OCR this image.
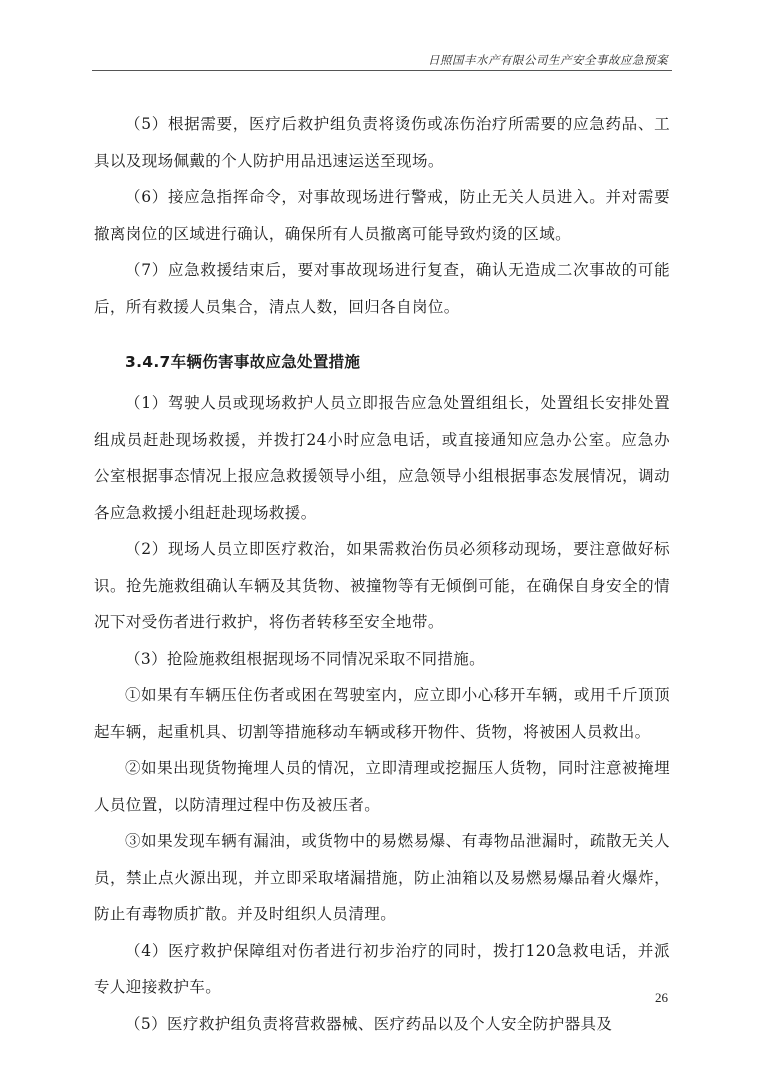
日照国丰水产有限公司生产安全事故应急预案

（5）根据需要，医疗后救护组负责将烫伤或冻伤治疗所需要的应急药品、工具以及现场佩戴的个人防护用品迅速运送至现场。

（6）接应急指挥命令，对事故现场进行警戒，防止无关人员进入。并对需要撤离岗位的区域进行确认，确保所有人员撤离可能导致灼烫的区域。

（7）应急救援结束后，要对事故现场进行复查，确认无造成二次事故的可能后，所有救援人员集合，清点人数，回归各自岗位。

3.4.7车辆伤害事故应急处置措施

（1）驾驶人员或现场救护人员立即报告应急处置组组长，处置组长安排处置组成员赶赴现场救援，并拨打24小时应急电话，或直接通知应急办公室。应急办公室根据事态情况上报应急救援领导小组，应急领导小组根据事态发展情况，调动各应急救援小组赶赴现场救援。

（2）现场人员立即医疗救治，如果需救治伤员必须移动现场，要注意做好标识。抢先施救组确认车辆及其货物、被撞物等有无倾倒可能，在确保自身安全的情况下对受伤者进行救护，将伤者转移至安全地带。

（3）抢险施救组根据现场不同情况采取不同措施。

①如果有车辆压住伤者或困在驾驶室内，应立即小心移开车辆，或用千斤顶顶起车辆，起重机具、切割等措施移动车辆或移开物件、货物，将被困人员救出。

②如果出现货物掩埋人员的情况，立即清理或挖掘压人货物，同时注意被掩埋人员位置，以防清理过程中伤及被压者。

③如果发现车辆有漏油，或货物中的易燃易爆、有毒物品泄漏时，疏散无关人员，禁止点火源出现，并立即采取堵漏措施，防止油箱以及易燃易爆品着火爆炸，防止有毒物质扩散。并及时组织人员清理。

（4）医疗救护保障组对伤者进行初步治疗的同时，拨打120急救电话，并派专人迎接救护车。

（5）医疗救护组负责将营救器械、医疗药品以及个人安全防护器具及

26
